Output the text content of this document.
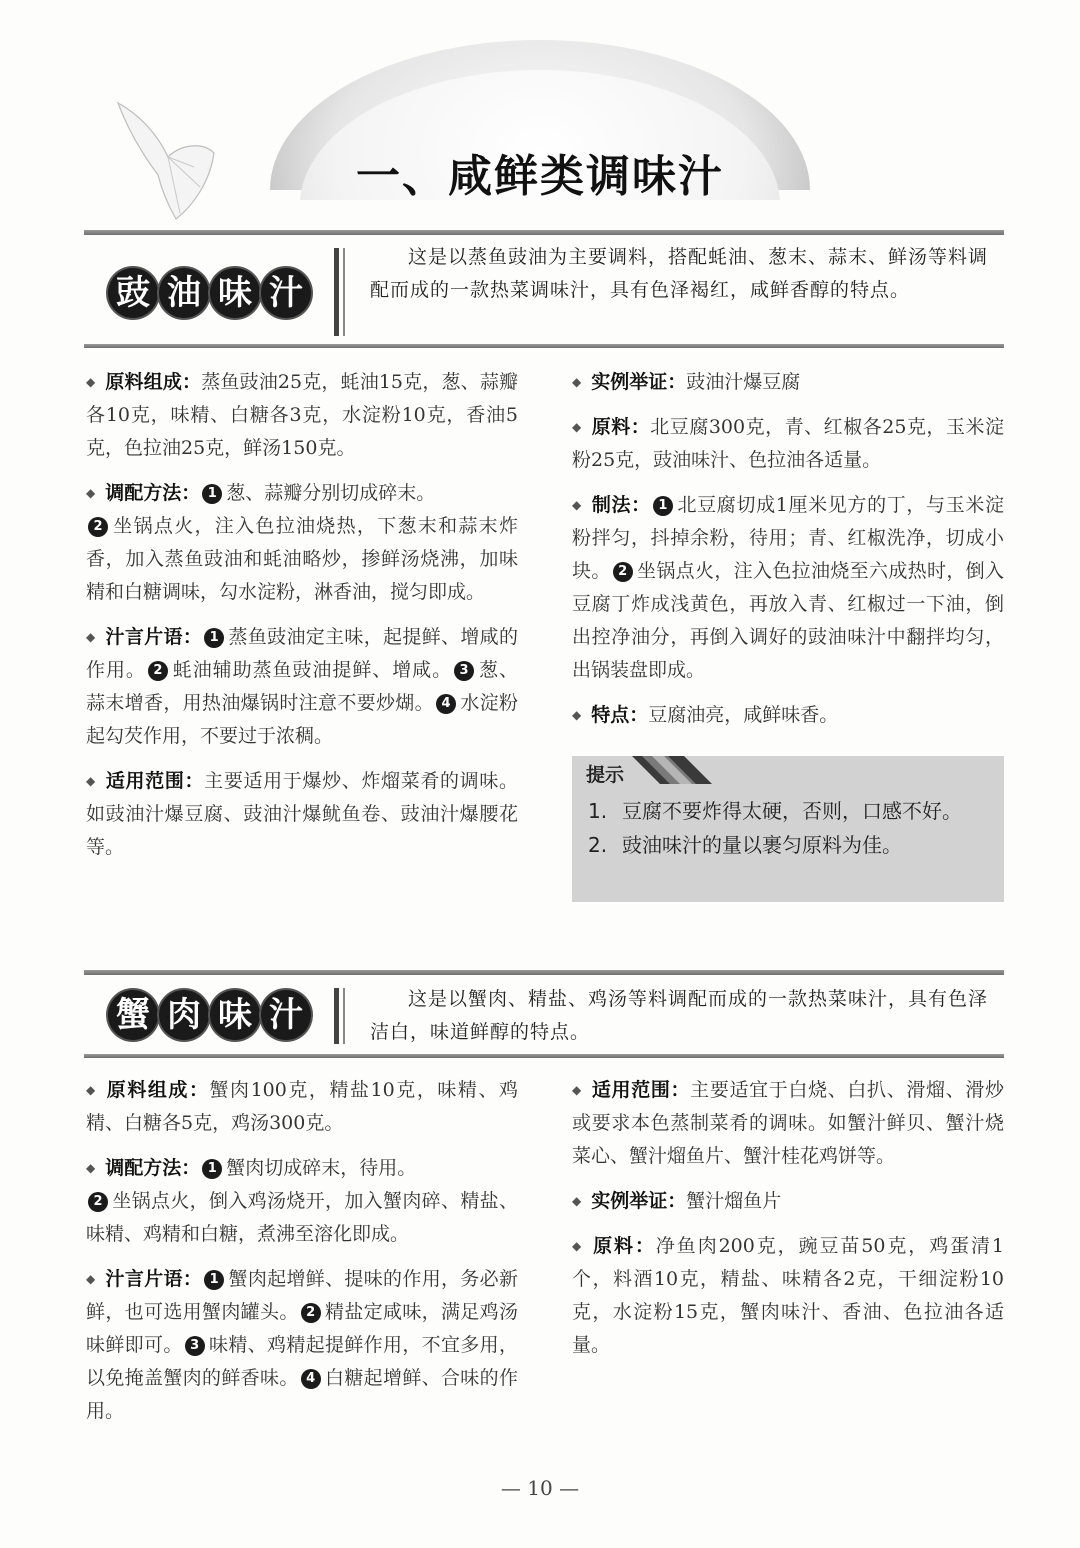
一、咸鲜类调味汁
豉 油 味 汁
这是以蒸鱼豉油为主要调料，搭配蚝油、葱末、蒜末、鲜汤等料调配而成的一款热菜调味汁，具有色泽褐红，咸鲜香醇的特点。

◆ 原料组成：蒸鱼豉油25克，蚝油15克，葱、蒜瓣各10克，味精、白糖各3克，水淀粉10克，香油5克，色拉油25克，鲜汤150克。

◆ 调配方法： 1 葱、蒜瓣分别切成碎末。
2 坐锅点火，注入色拉油烧热，下葱末和蒜末炸香，加入蒸鱼豉油和蚝油略炒，掺鲜汤烧沸，加味精和白糖调味，勾水淀粉，淋香油，搅匀即成。

◆ 汁言片语： 1 蒸鱼豉油定主味，起提鲜、增咸的作用。 2 蚝油辅助蒸鱼豉油提鲜、增咸。 3 葱、蒜末增香，用热油爆锅时注意不要炒煳。 4 水淀粉起勾芡作用，不要过于浓稠。

◆ 适用范围：主要适用于爆炒、炸熘菜肴的调味。如豉油汁爆豆腐、豉油汁爆鱿鱼卷、豉油汁爆腰花等。

◆ 实例举证：豉油汁爆豆腐

◆ 原料：北豆腐300克，青、红椒各25克，玉米淀粉25克，豉油味汁、色拉油各适量。

◆ 制法： 1 北豆腐切成1厘米见方的丁，与玉米淀粉拌匀，抖掉余粉，待用；青、红椒洗净，切成小块。 2 坐锅点火，注入色拉油烧至六成热时，倒入豆腐丁炸成浅黄色，再放入青、红椒过一下油，倒出控净油分，再倒入调好的豉油味汁中翻拌均匀，出锅装盘即成。

◆ 特点：豆腐油亮，咸鲜味香。

提示
1. 豆腐不要炸得太硬，否则，口感不好。
2. 豉油味汁的量以裹匀原料为佳。
蟹 肉 味 汁	这是以蟹肉、精盐、鸡汤等料调配而成的一款热菜味汁，具有色泽洁白，味道鲜醇的特点。

◆ 原料组成：蟹肉100克，精盐10克，味精、鸡精、白糖各5克，鸡汤300克。

◆ 调配方法： 1 蟹肉切成碎末，待用。
2 坐锅点火，倒入鸡汤烧开，加入蟹肉碎、精盐、味精、鸡精和白糖，煮沸至溶化即成。

◆ 汁言片语： 1 蟹肉起增鲜、提味的作用，务必新鲜，也可选用蟹肉罐头。 2 精盐定咸味，满足鸡汤味鲜即可。 3 味精、鸡精起提鲜作用，不宜多用，以免掩盖蟹肉的鲜香味。 4 白糖起增鲜、合味的作用。

◆ 适用范围：主要适宜于白烧、白扒、滑熘、滑炒或要求本色蒸制菜肴的调味。如蟹汁鲜贝、蟹汁烧菜心、蟹汁熘鱼片、蟹汁桂花鸡饼等。

◆ 实例举证：蟹汁熘鱼片

◆ 原料：净鱼肉200克，豌豆苗50克，鸡蛋清1个，料酒10克，精盐、味精各2克，干细淀粉10克，水淀粉15克，蟹肉味汁、香油、色拉油各适量。

— 10 —
